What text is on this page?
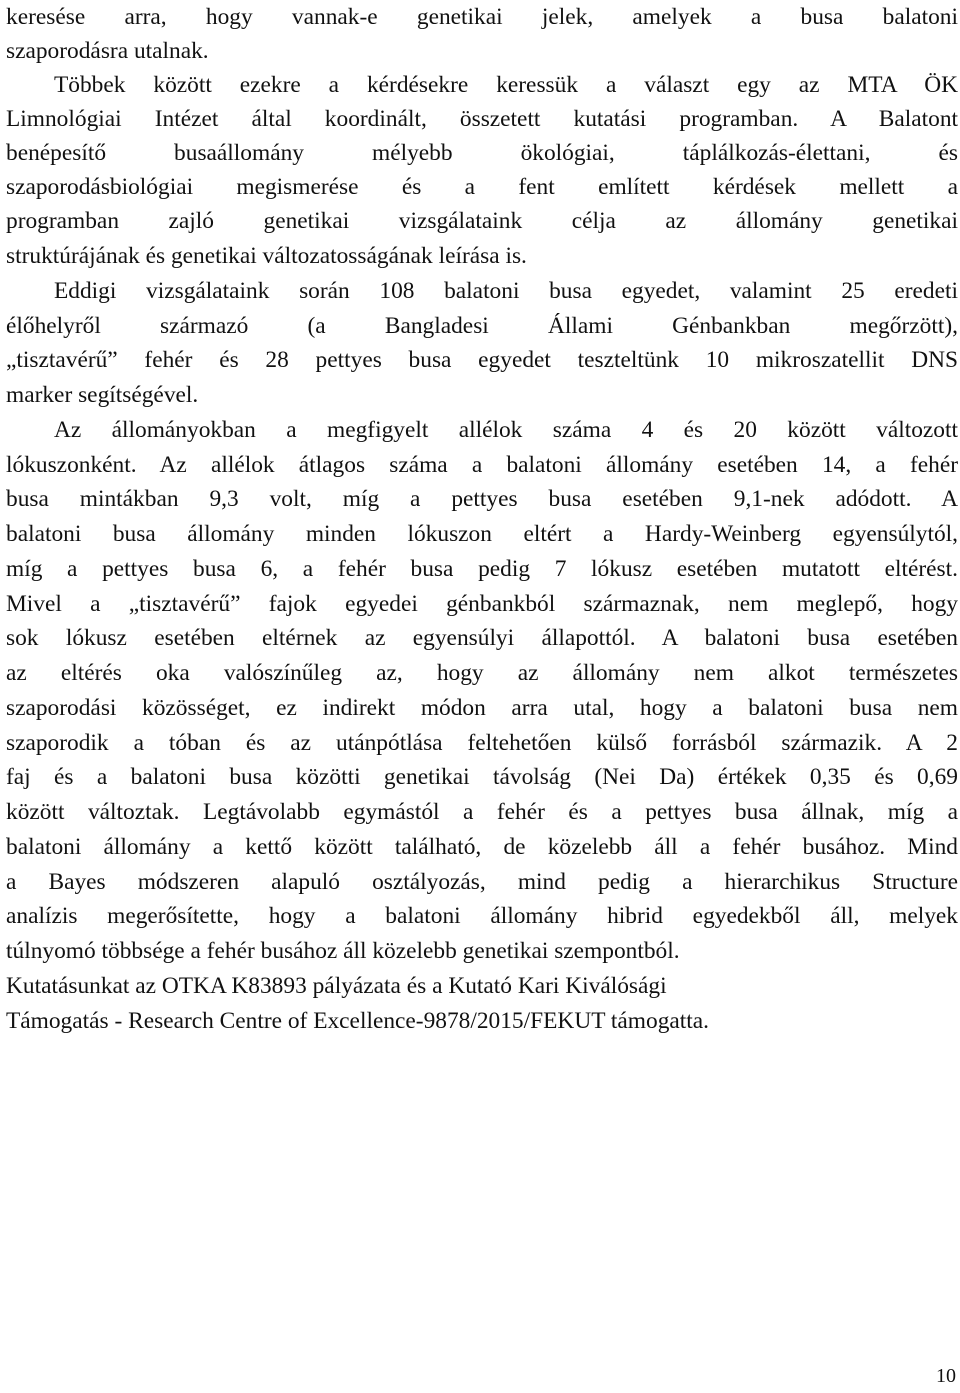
keresése arra, hogy vannak-e genetikai jelek, amelyek a busa balatoni
szaporodásra utalnak.
Többek között ezekre a kérdésekre keressük a választ egy az MTA ÖK
Limnológiai Intézet által koordinált, összetett kutatási programban. A Balatont
benépesítő busaállomány mélyebb ökológiai, táplálkozás-élettani, és
szaporodásbiológiai megismerése és a fent említett kérdések mellett a
programban zajló genetikai vizsgálataink célja az állomány genetikai
struktúrájának és genetikai változatosságának leírása is.
Eddigi vizsgálataink során 108 balatoni busa egyedet, valamint 25 eredeti
élőhelyről származó (a Bangladesi Állami Génbankban megőrzött),
„tisztavérű” fehér és 28 pettyes busa egyedet teszteltünk 10 mikroszatellit DNS
marker segítségével.
Az állományokban a megfigyelt allélok száma 4 és 20 között változott
lókuszonként. Az allélok átlagos száma a balatoni állomány esetében 14, a fehér
busa mintákban 9,3 volt, míg a pettyes busa esetében 9,1-nek adódott. A
balatoni busa állomány minden lókuszon eltért a Hardy-Weinberg egyensúlytól,
míg a pettyes busa 6, a fehér busa pedig 7 lókusz esetében mutatott eltérést.
Mivel a „tisztavérű” fajok egyedei génbankból származnak, nem meglepő, hogy
sok lókusz esetében eltérnek az egyensúlyi állapottól. A balatoni busa esetében
az eltérés oka valószínűleg az, hogy az állomány nem alkot természetes
szaporodási közösséget, ez indirekt módon arra utal, hogy a balatoni busa nem
szaporodik a tóban és az utánpótlása feltehetően külső forrásból származik. A 2
faj és a balatoni busa közötti genetikai távolság (Nei Da) értékek 0,35 és 0,69
között változtak. Legtávolabb egymástól a fehér és a pettyes busa állnak, míg a
balatoni állomány a kettő között található, de közelebb áll a fehér busához. Mind
a Bayes módszeren alapuló osztályozás, mind pedig a hierarchikus Structure
analízis megerősítette, hogy a balatoni állomány hibrid egyedekből áll, melyek
túlnyomó többsége a fehér busához áll közelebb genetikai szempontból.
Kutatásunkat az OTKA K83893 pályázata és a Kutató Kari Kiválósági
Támogatás - Research Centre of Excellence-9878/2015/FEKUT támogatta.
10
